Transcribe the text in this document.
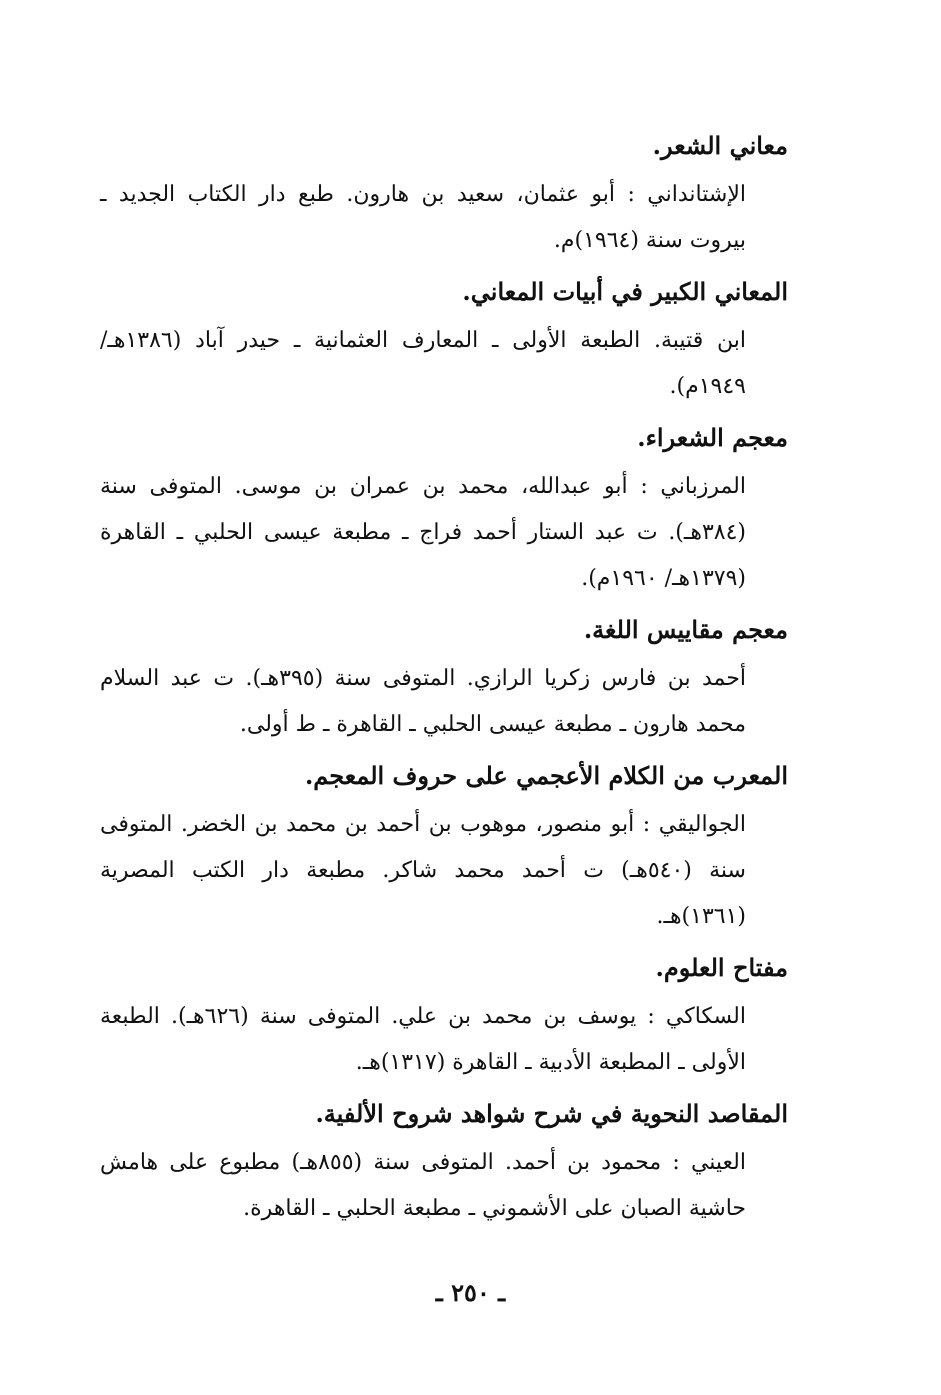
معاني الشعر.

الإشتانداني : أبو عثمان، سعيد بن هارون. طبع دار الكتاب الجديد ـ بيروت سنة (١٩٦٤)م.

المعاني الكبير في أبيات المعاني.

ابن قتيبة. الطبعة الأولى ـ المعارف العثمانية ـ حيدر آباد (١٣٨٦هـ/ ١٩٤٩م).

معجم الشعراء.

المرزباني : أبو عبدالله، محمد بن عمران بن موسى. المتوفى سنة (٣٨٤هـ). ت عبد الستار أحمد فراج ـ مطبعة عيسى الحلبي ـ القاهرة (١٣٧٩هـ/ ١٩٦٠م).

معجم مقاييس اللغة.

أحمد بن فارس زكريا الرازي. المتوفى سنة (٣٩٥هـ). ت عبد السلام محمد هارون ـ مطبعة عيسى الحلبي ـ القاهرة ـ ط أولى.

المعرب من الكلام الأعجمي على حروف المعجم.

الجواليقي : أبو منصور، موهوب بن أحمد بن محمد بن الخضر. المتوفى سنة (٥٤٠هـ) ت أحمد محمد شاكر. مطبعة دار الكتب المصرية (١٣٦١)هـ.

مفتاح العلوم.

السكاكي : يوسف بن محمد بن علي. المتوفى سنة (٦٢٦هـ). الطبعة الأولى ـ المطبعة الأدبية ـ القاهرة (١٣١٧)هـ.

المقاصد النحوية في شرح شواهد شروح الألفية.

العيني : محمود بن أحمد. المتوفى سنة (٨٥٥هـ) مطبوع على هامش حاشية الصبان على الأشموني ـ مطبعة الحلبي ـ القاهرة.

ـ ٢٥٠ ـ
